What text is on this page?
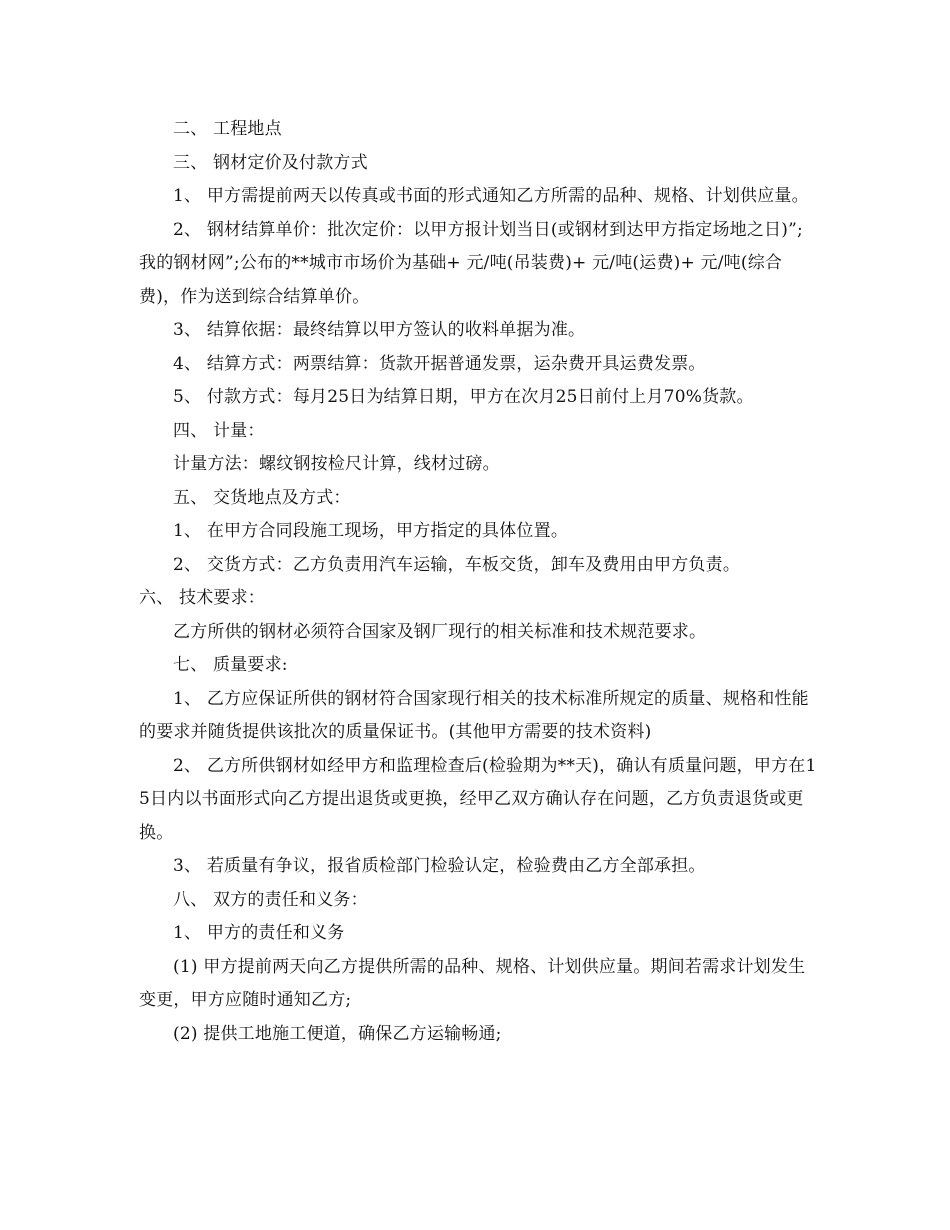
二、 工程地点

三、 钢材定价及付款方式

1、 甲方需提前两天以传真或书面的形式通知乙方所需的品种、规格、计划供应量。

2、 钢材结算单价：批次定价：以甲方报计划当日(或钢材到达甲方指定场地之日)”;我的钢材网”;公布的**城市市场价为基础+ 元/吨(吊装费)+ 元/吨(运费)+ 元/吨(综合费)，作为送到综合结算单价。

3、 结算依据：最终结算以甲方签认的收料单据为准。

4、 结算方式：两票结算：货款开据普通发票，运杂费开具运费发票。

5、 付款方式：每月25日为结算日期，甲方在次月25日前付上月70%货款。

四、 计量：

计量方法：螺纹钢按检尺计算，线材过磅。

五、 交货地点及方式：

1、 在甲方合同段施工现场，甲方指定的具体位置。

2、 交货方式：乙方负责用汽车运输，车板交货，卸车及费用由甲方负责。

六、 技术要求：

乙方所供的钢材必须符合国家及钢厂现行的相关标准和技术规范要求。

七、 质量要求:

1、 乙方应保证所供的钢材符合国家现行相关的技术标准所规定的质量、规格和性能的要求并随货提供该批次的质量保证书。(其他甲方需要的技术资料)

2、 乙方所供钢材如经甲方和监理检查后(检验期为**天)，确认有质量问题，甲方在15日内以书面形式向乙方提出退货或更换，经甲乙双方确认存在问题，乙方负责退货或更换。

3、 若质量有争议，报省质检部门检验认定，检验费由乙方全部承担。

八、 双方的责任和义务：

1、 甲方的责任和义务

(1) 甲方提前两天向乙方提供所需的品种、规格、计划供应量。期间若需求计划发生变更，甲方应随时通知乙方;

(2) 提供工地施工便道，确保乙方运输畅通;
